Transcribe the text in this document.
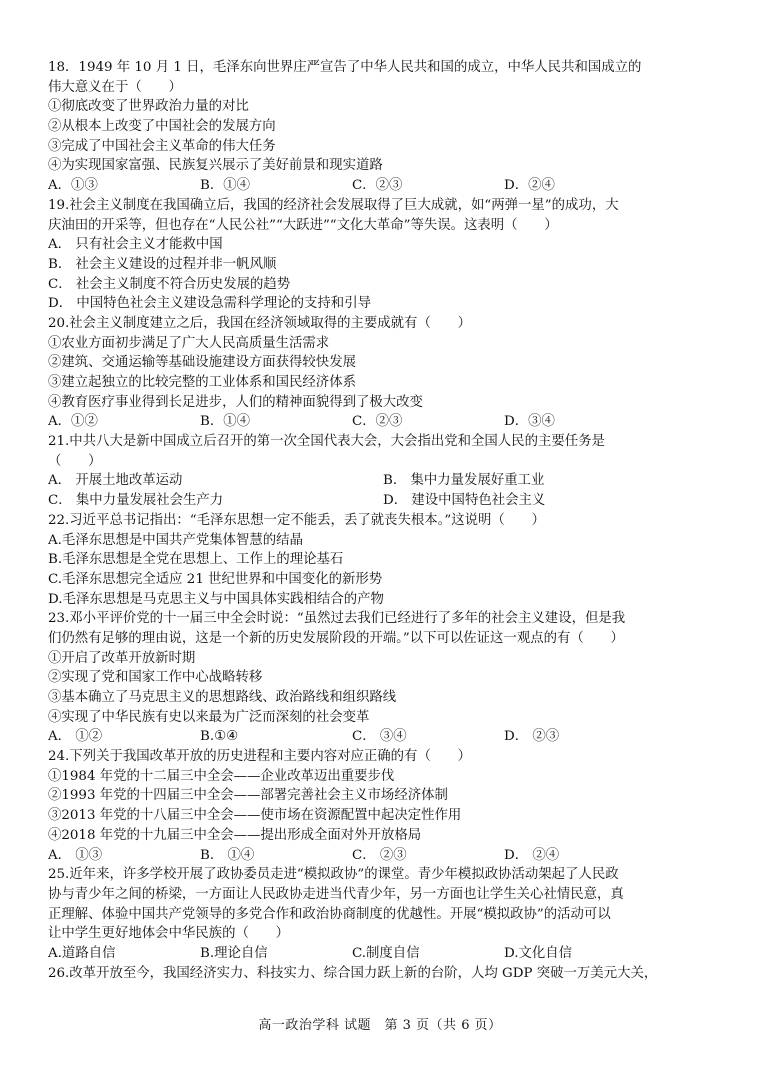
18．1949 年 10 月 1 日，毛泽东向世界庄严宣告了中华人民共和国的成立，中华人民共和国成立的
伟大意义在于（　　）
①彻底改变了世界政治力量的对比
②从根本上改变了中国社会的发展方向
③完成了中国社会主义革命的伟大任务
④为实现国家富强、民族复兴展示了美好前景和现实道路
A．①③	B．①④	C．②③	D．②④
19.社会主义制度在我国确立后，我国的经济社会发展取得了巨大成就，如“两弹一星”的成功，大
庆油田的开采等，但也存在“人民公社”“大跃进”“文化大革命”等失误。这表明（　　）
A． 只有社会主义才能救中国
B． 社会主义建设的过程并非一帆风顺
C． 社会主义制度不符合历史发展的趋势
D． 中国特色社会主义建设急需科学理论的支持和引导
20.社会主义制度建立之后，我国在经济领域取得的主要成就有（　　）
①农业方面初步满足了广大人民高质量生活需求
②建筑、交通运输等基础设施建设方面获得较快发展
③建立起独立的比较完整的工业体系和国民经济体系
④教育医疗事业得到长足进步，人们的精神面貌得到了极大改变
A．①②	B．①④	C．②③	D．③④
21.中共八大是新中国成立后召开的第一次全国代表大会，大会指出党和全国人民的主要任务是
（　　）
A． 开展土地改革运动	B． 集中力量发展好重工业
C． 集中力量发展社会生产力	D． 建设中国特色社会主义
22.习近平总书记指出：“毛泽东思想一定不能丢，丢了就丧失根本。”这说明（　　）
A.毛泽东思想是中国共产党集体智慧的结晶
B.毛泽东思想是全党在思想上、工作上的理论基石
C.毛泽东思想完全适应 21 世纪世界和中国变化的新形势
D.毛泽东思想是马克思主义与中国具体实践相结合的产物
23.邓小平评价党的十一届三中全会时说：“虽然过去我们已经进行了多年的社会主义建设，但是我
们仍然有足够的理由说，这是一个新的历史发展阶段的开端。”以下可以佐证这一观点的有（　　）
①开启了改革开放新时期
②实现了党和国家工作中心战略转移
③基本确立了马克思主义的思想路线、政治路线和组织路线
④实现了中华民族有史以来最为广泛而深刻的社会变革
A． ①②	B.①④	C． ③④	D． ②③
24.下列关于我国改革开放的历史进程和主要内容对应正确的有（　　）
①1984 年党的十二届三中全会——企业改革迈出重要步伐
②1993 年党的十四届三中全会——部署完善社会主义市场经济体制
③2013 年党的十八届三中全会——使市场在资源配置中起决定性作用
④2018 年党的十九届三中全会——提出形成全面对外开放格局
A． ①③	B． ①④	C． ②③	D． ②④
25.近年来，许多学校开展了政协委员走进“模拟政协”的课堂。青少年模拟政协活动架起了人民政
协与青少年之间的桥梁，一方面让人民政协走进当代青少年，另一方面也让学生关心社情民意，真
正理解、体验中国共产党领导的多党合作和政治协商制度的优越性。开展“模拟政协”的活动可以
让中学生更好地体会中华民族的（　　）
A.道路自信	B.理论自信	C.制度自信	D.文化自信
26.改革开放至今，我国经济实力、科技实力、综合国力跃上新的台阶，人均 GDP 突破一万美元大关，
高一政治学科 试题　第 3 页（共 6 页）
